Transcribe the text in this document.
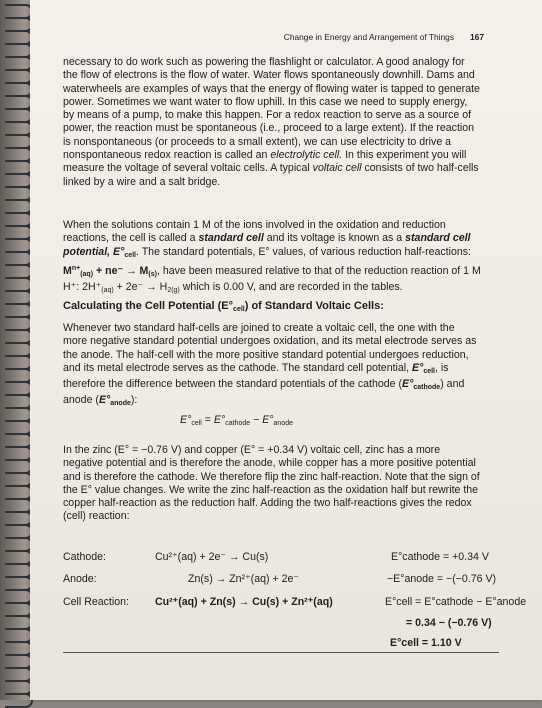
Change in Energy and Arrangement of Things 167
necessary to do work such as powering the flashlight or calculator. A good analogy for the flow of electrons is the flow of water. Water flows spontaneously downhill. Dams and waterwheels are examples of ways that the energy of flowing water is tapped to generate power. Sometimes we want water to flow uphill. In this case we need to supply energy, by means of a pump, to make this happen. For a redox reaction to serve as a source of power, the reaction must be spontaneous (i.e., proceed to a large extent). If the reaction is nonspontaneous (or proceeds to a small extent), we can use electricity to drive a nonspontaneous redox reaction is called an electrolytic cell. In this experiment you will measure the voltage of several voltaic cells. A typical voltaic cell consists of two half-cells linked by a wire and a salt bridge.
When the solutions contain 1 M of the ions involved in the oxidation and reduction reactions, the cell is called a standard cell and its voltage is known as a standard cell potential, $E^\circ_{cell}$. The standard potentials, E° values, of various reduction half-reactions: $M^{n+}_{(aq)} + ne^- \to M_{(s)}$, have been measured relative to that of the reduction reaction of 1 M H⁺: $2H^+_{(aq)} + 2e^- \to H_{2(g)}$ which is 0.00 V, and are recorded in the tables.
Calculating the Cell Potential $(E^\circ_{cell})$ of Standard Voltaic Cells:
Whenever two standard half-cells are joined to create a voltaic cell, the one with the more negative standard potential undergoes oxidation, and its metal electrode serves as the anode. The half-cell with the more positive standard potential undergoes reduction, and its metal electrode serves as the cathode. The standard cell potential, $E^\circ_{cell}$, is therefore the difference between the standard potentials of the cathode $(E^\circ_{cathode})$ and anode $(E^\circ_{anode})$:
$E^\circ_{cell} = E^\circ_{cathode} - E^\circ_{anode}$
In the zinc (E° = −0.76 V) and copper (E° = +0.34 V) voltaic cell, zinc has a more negative potential and is therefore the anode, while copper has a more positive potential and is therefore the cathode. We therefore flip the zinc half-reaction. Note that the sign of the E° value changes. We write the zinc half-reaction as the oxidation half but rewrite the copper half-reaction as the reduction half. Adding the two half-reactions gives the redox (cell) reaction:
Cathode:	Cu²⁺(aq) + 2e⁻ → Cu(s)	E°cathode = +0.34 V
Anode:	Zn(s) → Zn²⁺(aq) + 2e⁻	−E°anode = −(−0.76 V)
Cell Reaction: Cu²⁺(aq) + Zn(s) → Cu(s) + Zn²⁺(aq)	E°cell = E°cathode − E°anode
= 0.34 − (−0.76 V)
E°cell = 1.10 V
